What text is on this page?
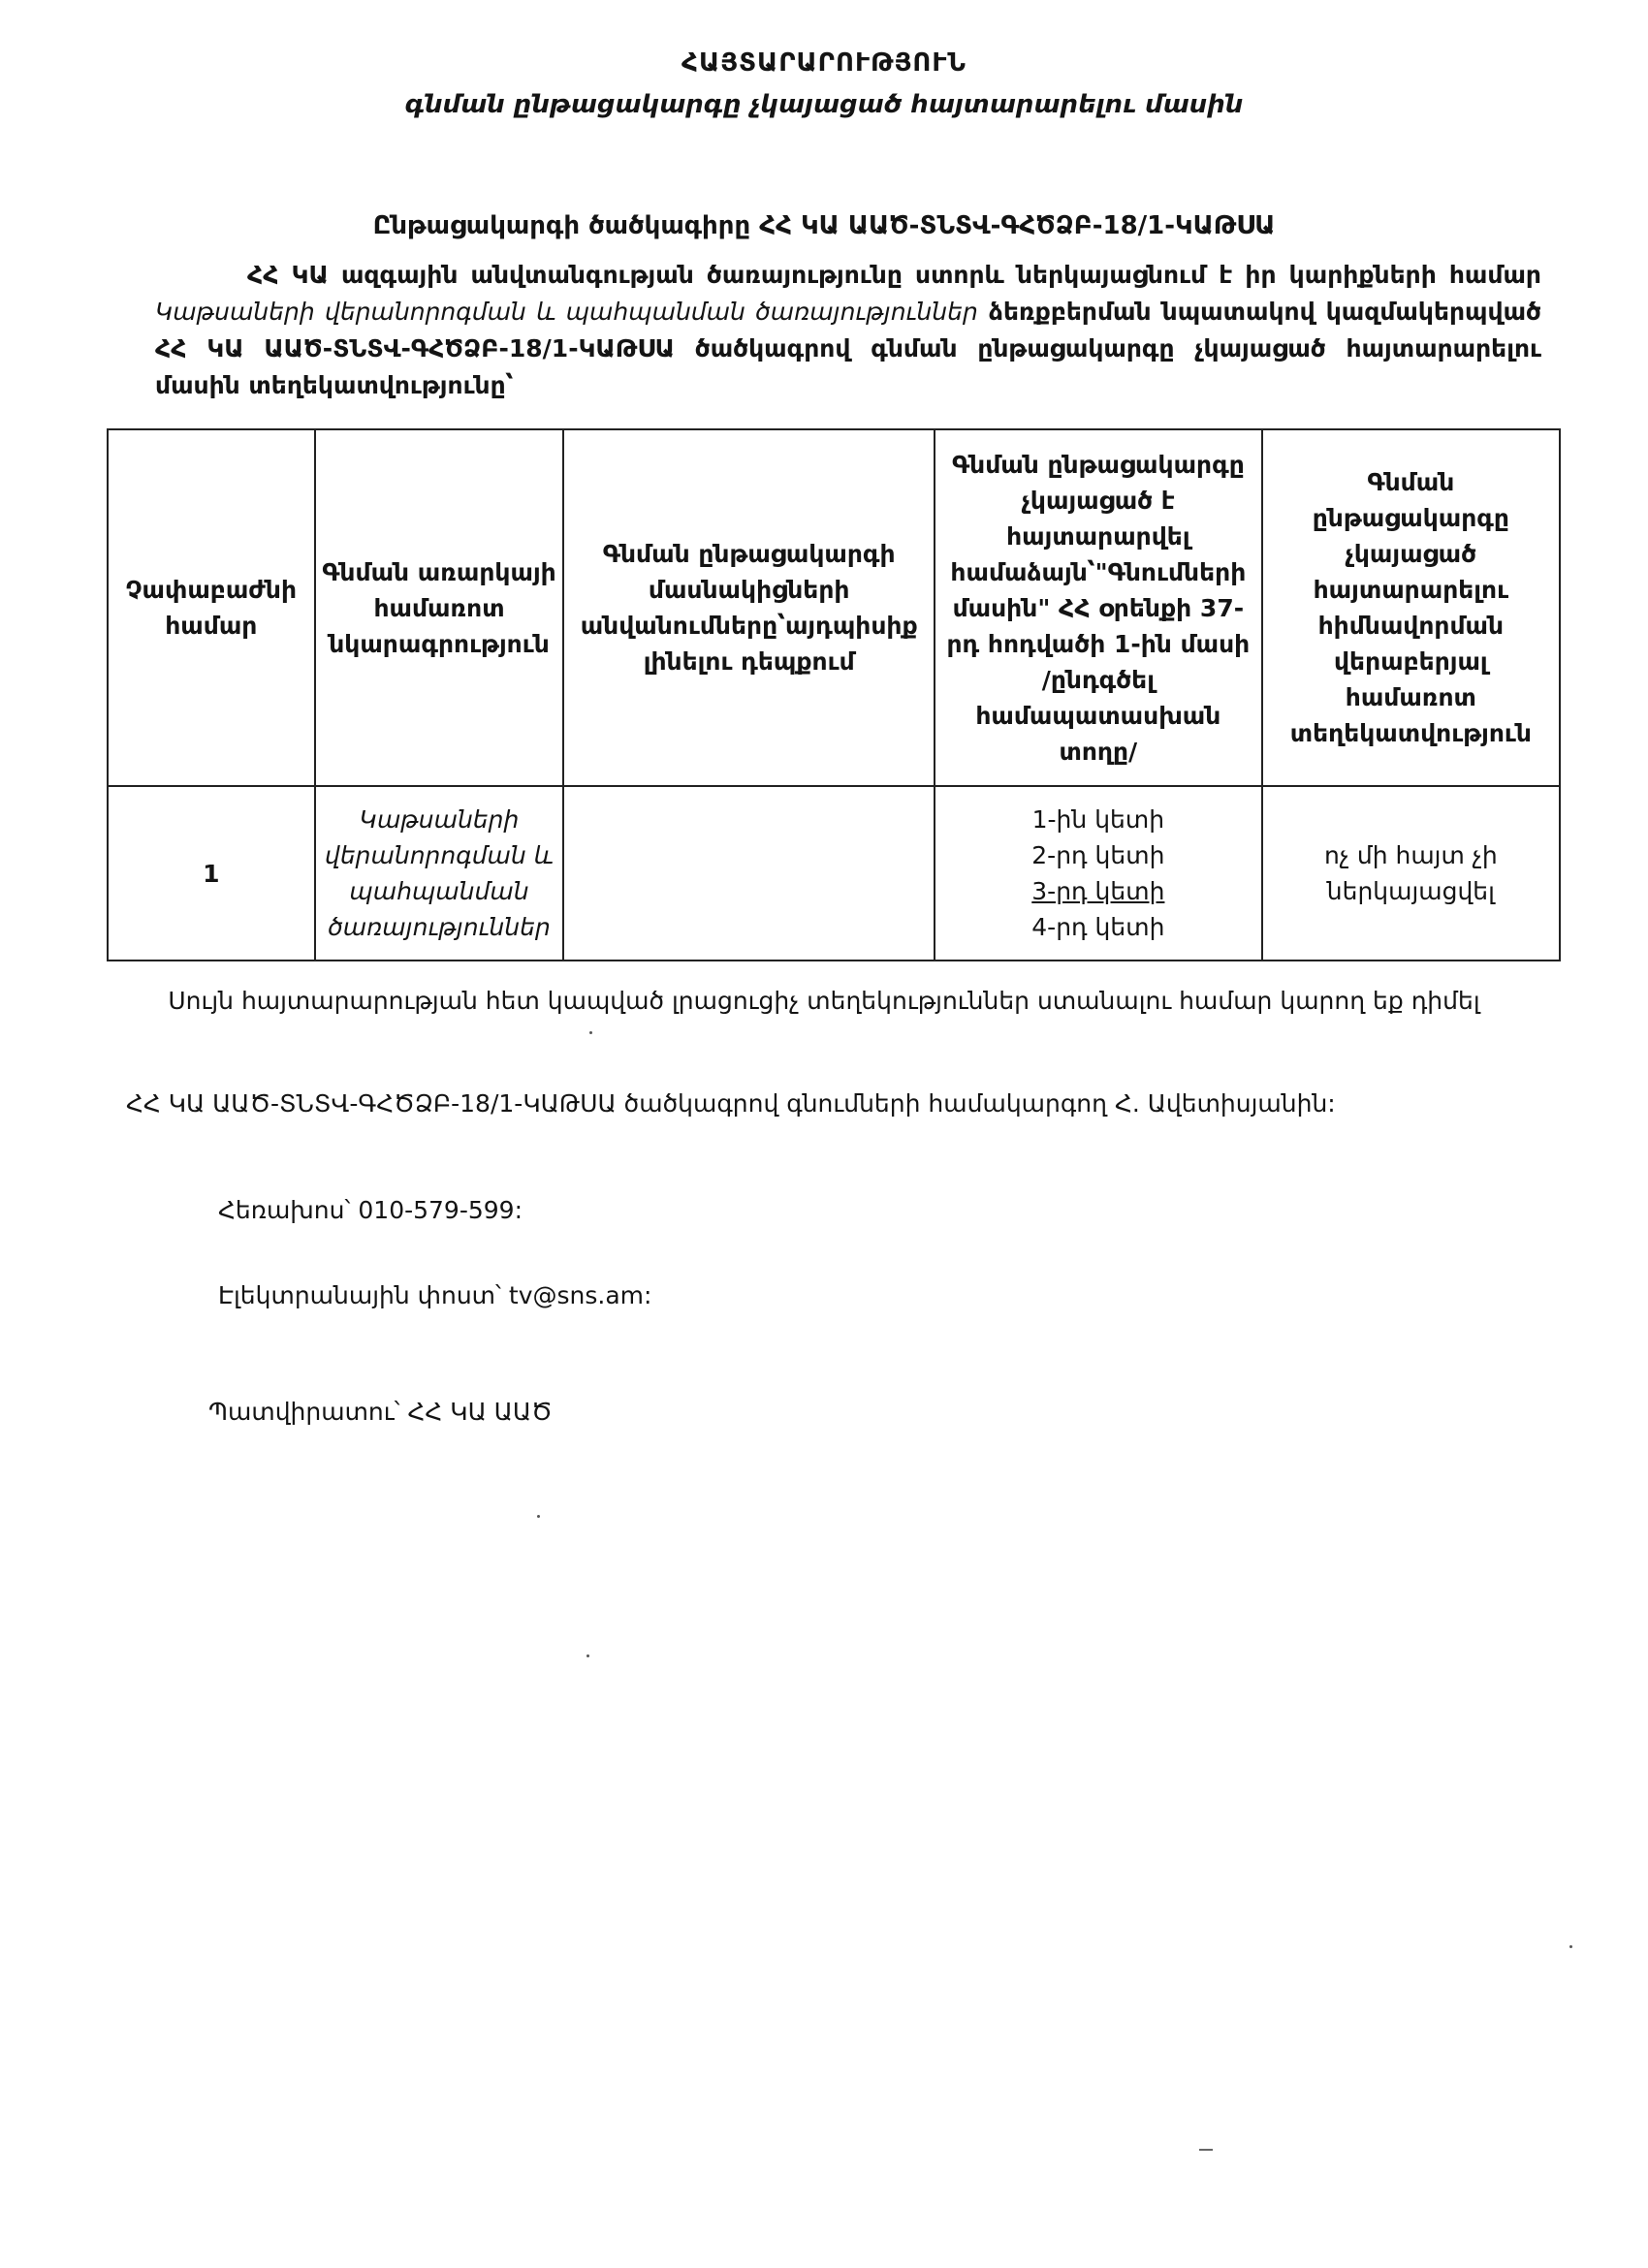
ՀԱՅՏԱՐԱՐՈՒԹՅՈՒՆ
գնման ընթացակարգը չկայացած հայտարարելու մասին
Ընթացակարգի ծածկագիրը ՀՀ ԿԱ ԱԱԾ-ՏՆՏՎ-ԳՀԾՁԲ-18/1-ԿԱԹՍԱ
ՀՀ ԿԱ ազգային անվտանգության ծառայությունը ստորև ներկայացնում է իր կարիքների համար Կաթսաների վերանորոգման և պահպանման ծառայություններ ձեռքբերման նպատակով կազմակերպված ՀՀ ԿԱ ԱԱԾ-ՏՆՏՎ-ԳՀԾՁԲ-18/1-ԿԱԹՍԱ ծածկագրով գնման ընթացակարգը չկայացած հայտարարելու մասին տեղեկատվությունը՝
Չափաբաժնի համար	Գնման առարկայի համառոտ նկարագրություն	Գնման ընթացակարգի մասնակիցների անվանումները՝այդպիսիք լինելու դեպքում	Գնման ընթացակարգը չկայացած է հայտարարվել համաձայն՝"Գնումների մասին" ՀՀ օրենքի 37-րդ հոդվածի 1-ին մասի /ընդգծել համապատասխան տողը/	Գնման ընթացակարգը չկայացած հայտարարելու հիմնավորման վերաբերյալ համառոտ տեղեկատվություն
1	Կաթսաների վերանորոգման և պահպանման ծառայություններ		1-ին կետի
2-րդ կետի
3-րդ կետի
4-րդ կետի	ոչ մի հայտ չի ներկայացվել
Սույն հայտարարության հետ կապված լրացուցիչ տեղեկություններ ստանալու համար կարող եք դիմել
ՀՀ ԿԱ ԱԱԾ-ՏՆՏՎ-ԳՀԾՁԲ-18/1-ԿԱԹՍԱ ծածկագրով գնումների համակարգող Հ. Ավետիսյանին:
Հեռախոս՝ 010-579-599:
Էլեկտրանային փոստ՝ tv@sns.am:
Պատվիրատու՝ ՀՀ ԿԱ ԱԱԾ
